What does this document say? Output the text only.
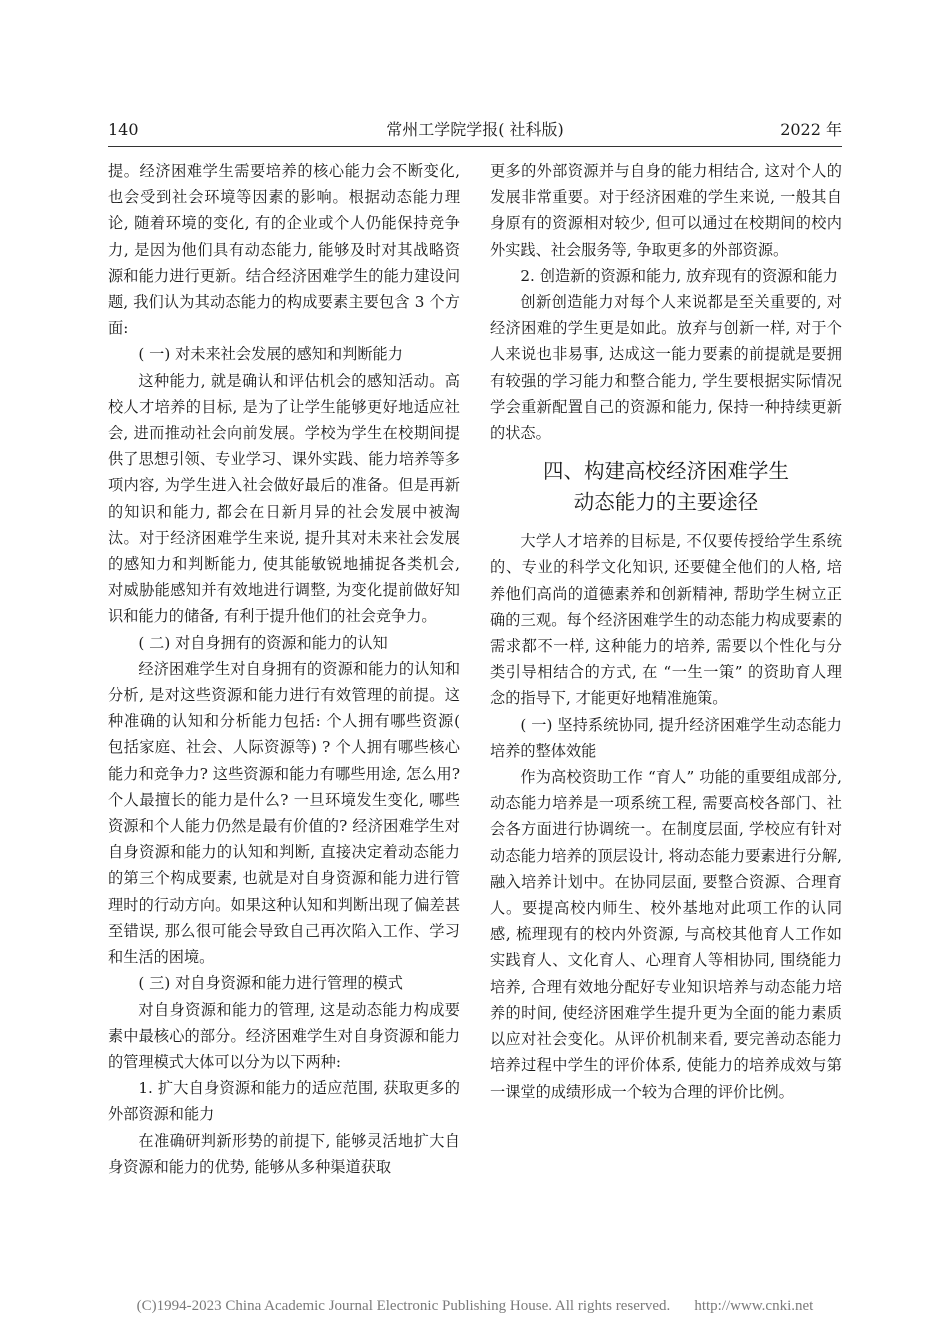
140	常州工学院学报( 社科版)	2022 年

提。经济困难学生需要培养的核心能力会不断变化, 也会受到社会环境等因素的影响。根据动态能力理论, 随着环境的变化, 有的企业或个人仍能保持竞争力, 是因为他们具有动态能力, 能够及时对其战略资源和能力进行更新。结合经济困难学生的能力建设问题, 我们认为其动态能力的构成要素主要包含 3 个方面:

( 一) 对未来社会发展的感知和判断能力

这种能力, 就是确认和评估机会的感知活动。高校人才培养的目标, 是为了让学生能够更好地适应社会, 进而推动社会向前发展。学校为学生在校期间提供了思想引领、专业学习、课外实践、能力培养等多项内容, 为学生进入社会做好最后的准备。但是再新的知识和能力, 都会在日新月异的社会发展中被淘汰。对于经济困难学生来说, 提升其对未来社会发展的感知力和判断能力, 使其能敏锐地捕捉各类机会, 对威胁能感知并有效地进行调整, 为变化提前做好知识和能力的储备, 有利于提升他们的社会竞争力。

( 二) 对自身拥有的资源和能力的认知

经济困难学生对自身拥有的资源和能力的认知和分析, 是对这些资源和能力进行有效管理的前提。这种准确的认知和分析能力包括: 个人拥有哪些资源( 包括家庭、社会、人际资源等) ? 个人拥有哪些核心能力和竞争力? 这些资源和能力有哪些用途, 怎么用? 个人最擅长的能力是什么? 一旦环境发生变化, 哪些资源和个人能力仍然是最有价值的? 经济困难学生对自身资源和能力的认知和判断, 直接决定着动态能力的第三个构成要素, 也就是对自身资源和能力进行管理时的行动方向。如果这种认知和判断出现了偏差甚至错误, 那么很可能会导致自己再次陷入工作、学习和生活的困境。

( 三) 对自身资源和能力进行管理的模式

对自身资源和能力的管理, 这是动态能力构成要素中最核心的部分。经济困难学生对自身资源和能力的管理模式大体可以分为以下两种:

1. 扩大自身资源和能力的适应范围, 获取更多的外部资源和能力

在准确研判新形势的前提下, 能够灵活地扩大自身资源和能力的优势, 能够从多种渠道获取

更多的外部资源并与自身的能力相结合, 这对个人的发展非常重要。对于经济困难的学生来说, 一般其自身原有的资源相对较少, 但可以通过在校期间的校内外实践、社会服务等, 争取更多的外部资源。

2. 创造新的资源和能力, 放弃现有的资源和能力

创新创造能力对每个人来说都是至关重要的, 对经济困难的学生更是如此。放弃与创新一样, 对于个人来说也非易事, 达成这一能力要素的前提就是要拥有较强的学习能力和整合能力, 学生要根据实际情况学会重新配置自己的资源和能力, 保持一种持续更新的状态。

四、构建高校经济困难学生
动态能力的主要途径

大学人才培养的目标是, 不仅要传授给学生系统的、专业的科学文化知识, 还要健全他们的人格, 培养他们高尚的道德素养和创新精神, 帮助学生树立正确的三观。每个经济困难学生的动态能力构成要素的需求都不一样, 这种能力的培养, 需要以个性化与分类引导相结合的方式, 在 “一生一策” 的资助育人理念的指导下, 才能更好地精准施策。

( 一) 坚持系统协同, 提升经济困难学生动态能力培养的整体效能

作为高校资助工作 “育人” 功能的重要组成部分, 动态能力培养是一项系统工程, 需要高校各部门、社会各方面进行协调统一。在制度层面, 学校应有针对动态能力培养的顶层设计, 将动态能力要素进行分解, 融入培养计划中。在协同层面, 要整合资源、合理育人。要提高校内师生、校外基地对此项工作的认同感, 梳理现有的校内外资源, 与高校其他育人工作如实践育人、文化育人、心理育人等相协同, 围绕能力培养, 合理有效地分配好专业知识培养与动态能力培养的时间, 使经济困难学生提升更为全面的能力素质以应对社会变化。从评价机制来看, 要完善动态能力培养过程中学生的评价体系, 使能力的培养成效与第一课堂的成绩形成一个较为合理的评价比例。

(C)1994-2023 China Academic Journal Electronic Publishing House. All rights reserved. http://www.cnki.net
